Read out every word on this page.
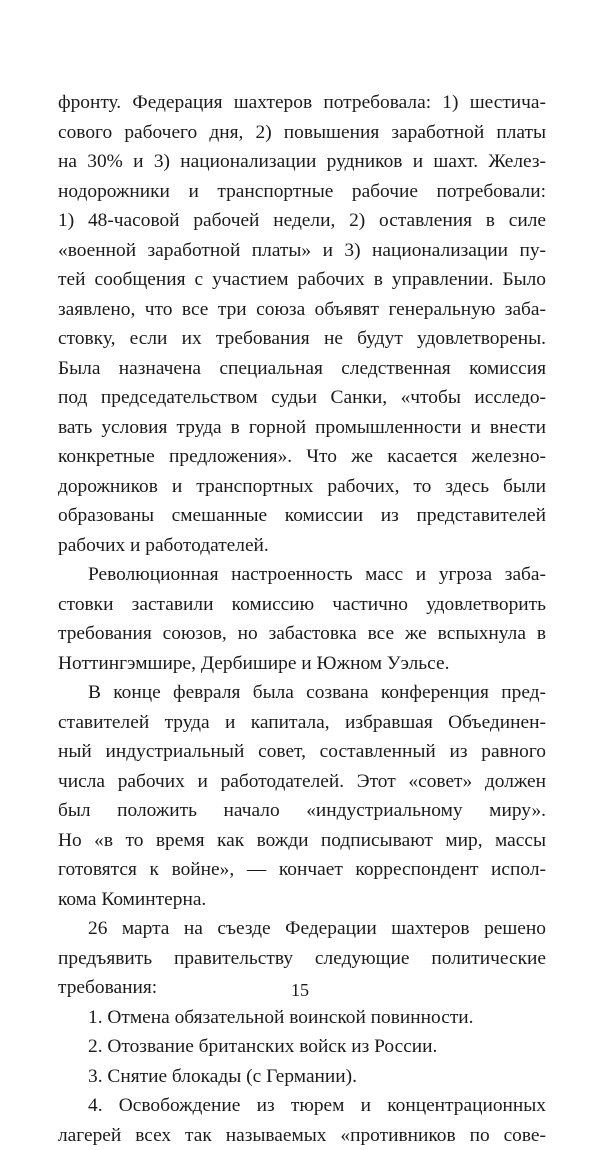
фронту. Федерация шахтеров потребовала: 1) шестича-
сового рабочего дня, 2) повышения заработной платы
на 30% и 3) национализации рудников и шахт. Желез-
нодорожники и транспортные рабочие потребовали:
1) 48-часовой рабочей недели, 2) оставления в силе
«военной заработной платы» и 3) национализации пу-
тей сообщения с участием рабочих в управлении. Было
заявлено, что все три союза объявят генеральную заба-
стовку, если их требования не будут удовлетворены.
Была назначена специальная следственная комиссия
под председательством судьи Санки, «чтобы исследо-
вать условия труда в горной промышленности и внести
конкретные предложения». Что же касается железно-
дорожников и транспортных рабочих, то здесь были
образованы смешанные комиссии из представителей
рабочих и работодателей.
Революционная настроенность масс и угроза заба-
стовки заставили комиссию частично удовлетворить
требования союзов, но забастовка все же вспыхнула в
Ноттингэмшире, Дербишире и Южном Уэльсе.
В конце февраля была созвана конференция пред-
ставителей труда и капитала, избравшая Объединен-
ный индустриальный совет, составленный из равного
числа рабочих и работодателей. Этот «совет» должен
был положить начало «индустриальному миру».
Но «в то время как вожди подписывают мир, массы
готовятся к войне», — кончает корреспондент испол-
кома Коминтерна.
26 марта на съезде Федерации шахтеров решено
предъявить правительству следующие политические
требования:
1. Отмена обязательной воинской повинности.
2. Отозвание британских войск из России.
3. Снятие блокады (с Германии).
4. Освобождение из тюрем и концентрационных
лагерей всех так называемых «противников по сове-
15
